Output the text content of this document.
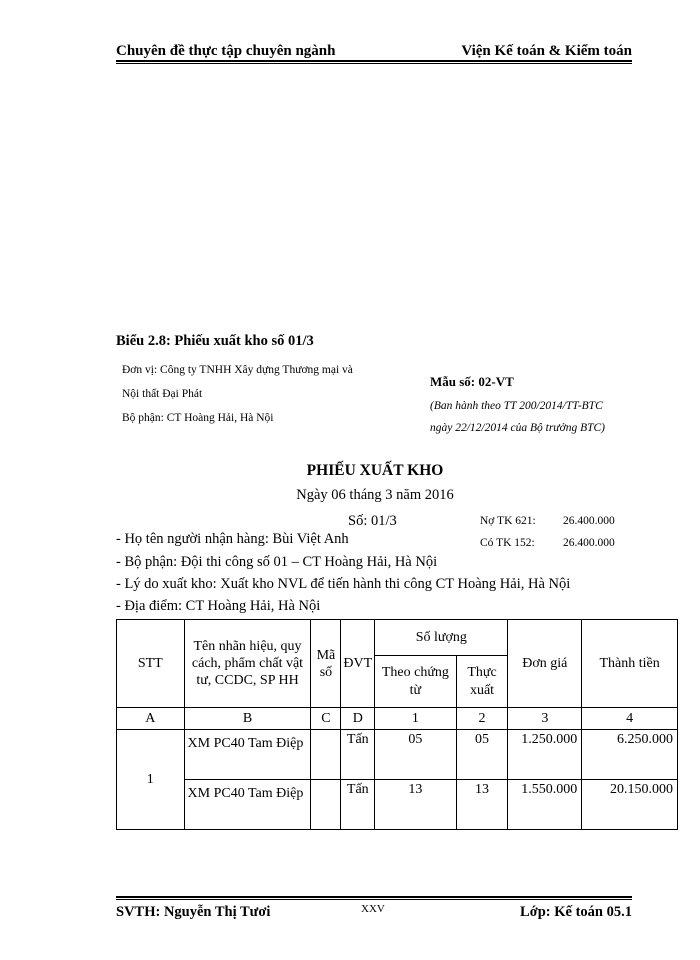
Chuyên đề thực tập chuyên ngành	Viện Kế toán & Kiểm toán
Biểu 2.8: Phiếu xuất kho số 01/3
Đơn vị: Công ty TNHH Xây dựng Thương mại và
Nội thất Đại Phát
Bộ phận: CT Hoàng Hải, Hà Nội
Mẫu số: 02-VT
(Ban hành theo TT 200/2014/TT-BTC
ngày 22/12/2014 của Bộ trưởng BTC)
PHIẾU XUẤT KHO
Ngày 06 tháng 3 năm 2016
Số: 01/3	Nợ TK 621: 26.400.000
Có TK 152: 26.400.000
- Họ tên người nhận hàng: Bùi Việt Anh
- Bộ phận: Đội thi công số 01 – CT Hoàng Hải, Hà Nội
- Lý do xuất kho: Xuất kho NVL để tiến hành thi công CT Hoàng Hải, Hà Nội
- Địa điểm: CT Hoàng Hải, Hà Nội
STT	Tên nhãn hiệu, quy cách, phẩm chất vật tư, CCDC, SP HH	Mã số	ĐVT	Số lượng		Đơn giá	Thành tiền
				Theo chứng từ	Thực xuất		
A	B	C	D	1	2	3	4
1	XM PC40 Tam Điệp		Tấn	05	05	1.250.000	6.250.000
	XM PC40 Tam Điệp		Tấn	13	13	1.550.000	20.150.000
SVTH: Nguyễn Thị Tươi	XXV	Lớp: Kế toán 05.1
